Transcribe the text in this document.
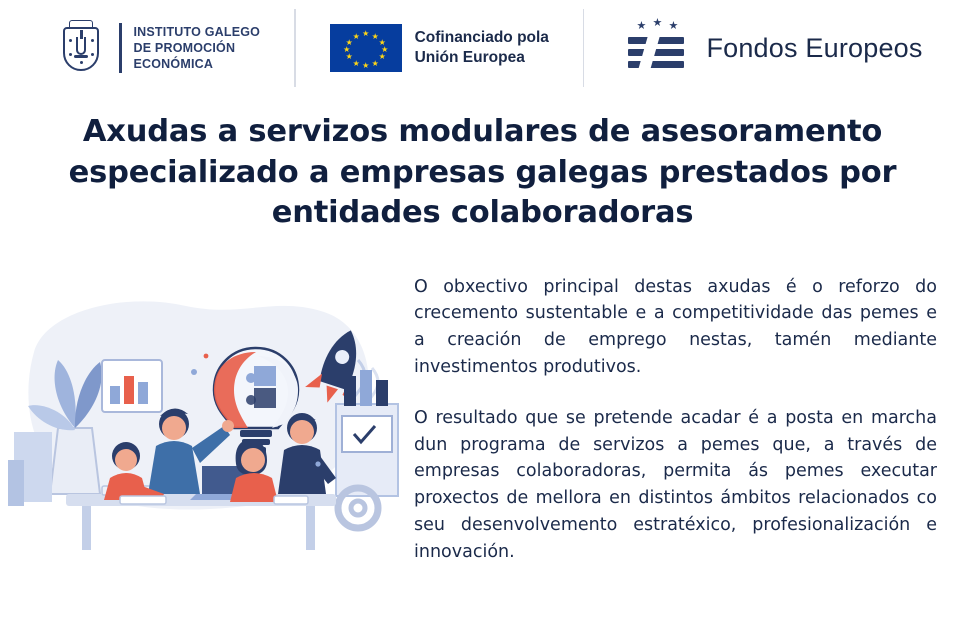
INSTITUTO GALEGO
DE PROMOCIÓN
ECONÓMICA
★
★ ★
★	★
★	★
★	★
★ ★
★
Cofinanciado pola
Unión Europea
★ ★ ★
Fondos Europeos
Axudas a servizos modulares de asesoramento especializado a empresas galegas prestados por entidades colaboradoras

O obxectivo principal destas axudas é o reforzo do crecemento sustentable e a competitividade das pemes e a creación de emprego nestas, tamén mediante investimentos produtivos.

O resultado que se pretende acadar é a posta en marcha dun programa de servizos a pemes que, a través de empresas colaboradoras, permita ás pemes executar proxectos de mellora en distintos ámbitos relacionados co seu desenvolvemento estratéxico, profesionalización e innovación.
